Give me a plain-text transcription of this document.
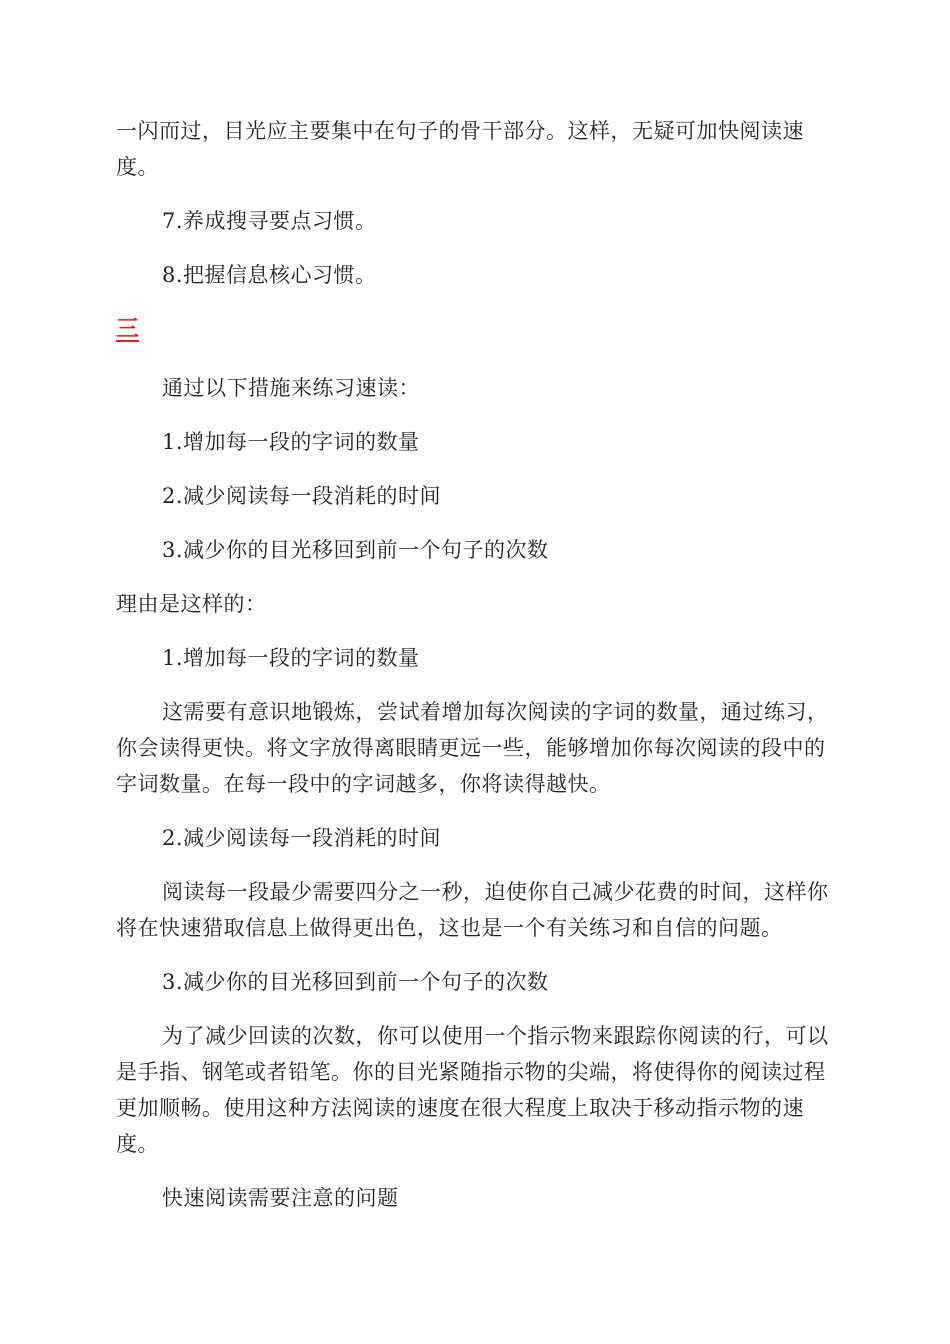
一闪而过，目光应主要集中在句子的骨干部分。这样，无疑可加快阅读速度。

7.养成搜寻要点习惯。

8.把握信息核心习惯。

三

通过以下措施来练习速读：

1.增加每一段的字词的数量

2.减少阅读每一段消耗的时间

3.减少你的目光移回到前一个句子的次数

理由是这样的：

1.增加每一段的字词的数量

这需要有意识地锻炼，尝试着增加每次阅读的字词的数量，通过练习，你会读得更快。将文字放得离眼睛更远一些，能够增加你每次阅读的段中的字词数量。在每一段中的字词越多，你将读得越快。

2.减少阅读每一段消耗的时间

阅读每一段最少需要四分之一秒，迫使你自己减少花费的时间，这样你将在快速猎取信息上做得更出色，这也是一个有关练习和自信的问题。

3.减少你的目光移回到前一个句子的次数

为了减少回读的次数，你可以使用一个指示物来跟踪你阅读的行，可以是手指、钢笔或者铅笔。你的目光紧随指示物的尖端，将使得你的阅读过程更加顺畅。使用这种方法阅读的速度在很大程度上取决于移动指示物的速度。

快速阅读需要注意的问题
